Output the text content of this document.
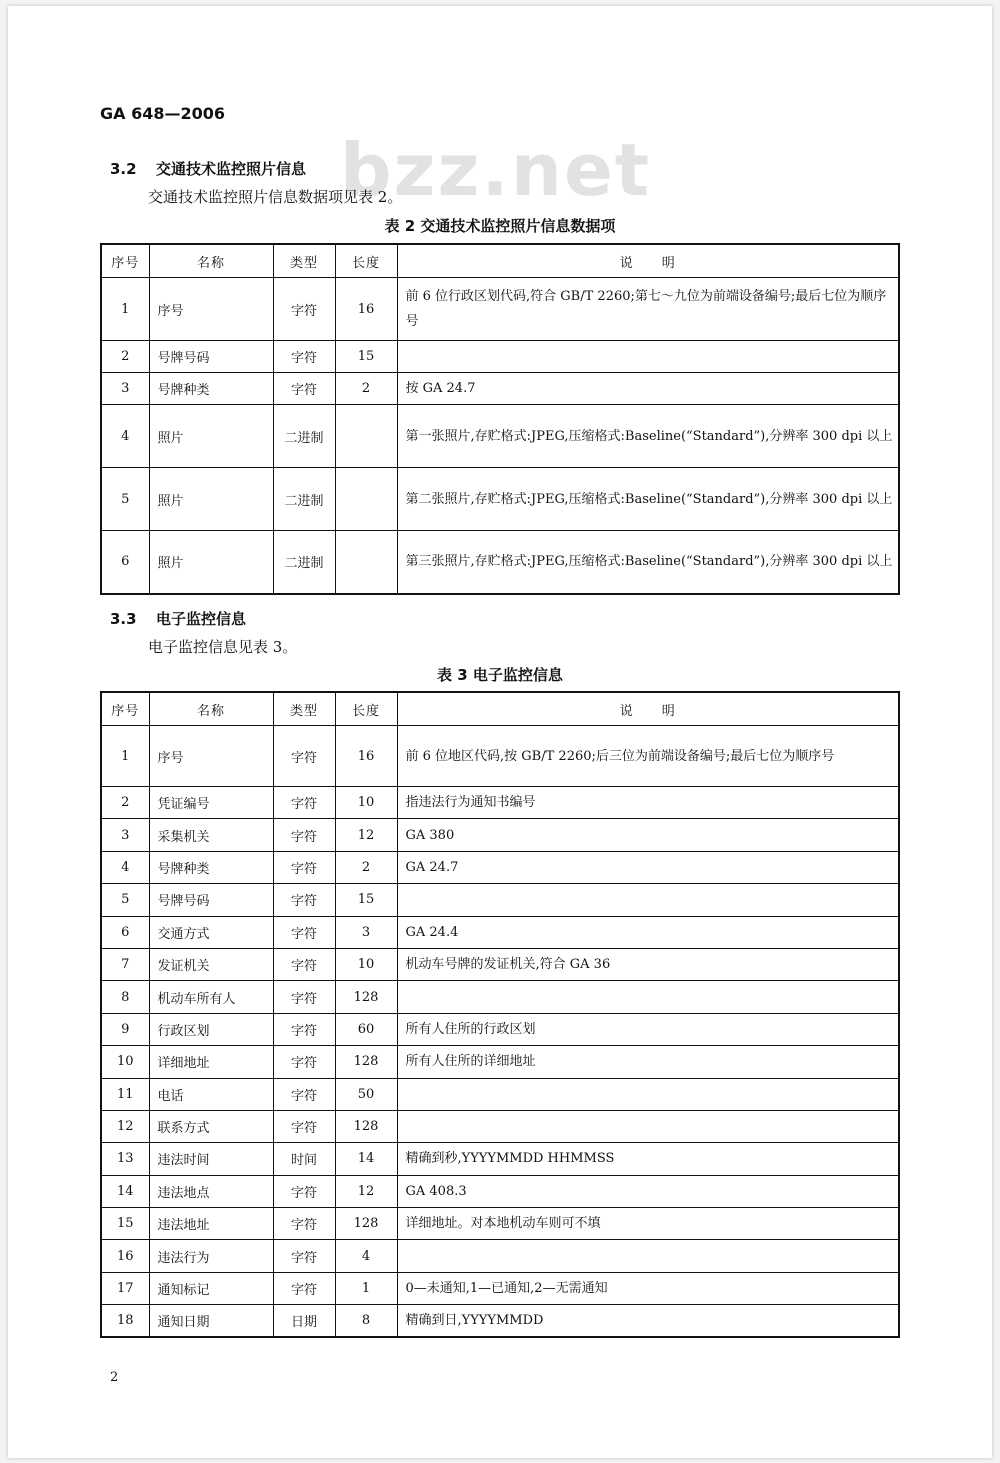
GA 648—2006
bzz.net
3.2 交通技术监控照片信息
交通技术监控照片信息数据项见表 2。
表 2 交通技术监控照片信息数据项
序号	名称	类型	长度	说　　明
1	序号	字符	16	前 6 位行政区划代码,符合 GB/T 2260;第七～九位为前端设备编号;最后七位为顺序号
2	号牌号码	字符	15	
3	号牌种类	字符	2	按 GA 24.7
4	照片	二进制		第一张照片,存贮格式:JPEG,压缩格式:Baseline(“Standard”),分辨率 300 dpi 以上
5	照片	二进制		第二张照片,存贮格式:JPEG,压缩格式:Baseline(“Standard”),分辨率 300 dpi 以上
6	照片	二进制		第三张照片,存贮格式:JPEG,压缩格式:Baseline(“Standard”),分辨率 300 dpi 以上
3.3 电子监控信息
电子监控信息见表 3。
表 3 电子监控信息
序号	名称	类型	长度	说　　明
1	序号	字符	16	前 6 位地区代码,按 GB/T 2260;后三位为前端设备编号;最后七位为顺序号
2	凭证编号	字符	10	指违法行为通知书编号
3	采集机关	字符	12	GA 380
4	号牌种类	字符	2	GA 24.7
5	号牌号码	字符	15	
6	交通方式	字符	3	GA 24.4
7	发证机关	字符	10	机动车号牌的发证机关,符合 GA 36
8	机动车所有人	字符	128	
9	行政区划	字符	60	所有人住所的行政区划
10	详细地址	字符	128	所有人住所的详细地址
11	电话	字符	50	
12	联系方式	字符	128	
13	违法时间	时间	14	精确到秒,YYYYMMDD HHMMSS
14	违法地点	字符	12	GA 408.3
15	违法地址	字符	128	详细地址。对本地机动车则可不填
16	违法行为	字符	4	
17	通知标记	字符	1	0—未通知,1—已通知,2—无需通知
18	通知日期	日期	8	精确到日,YYYYMMDD
2
